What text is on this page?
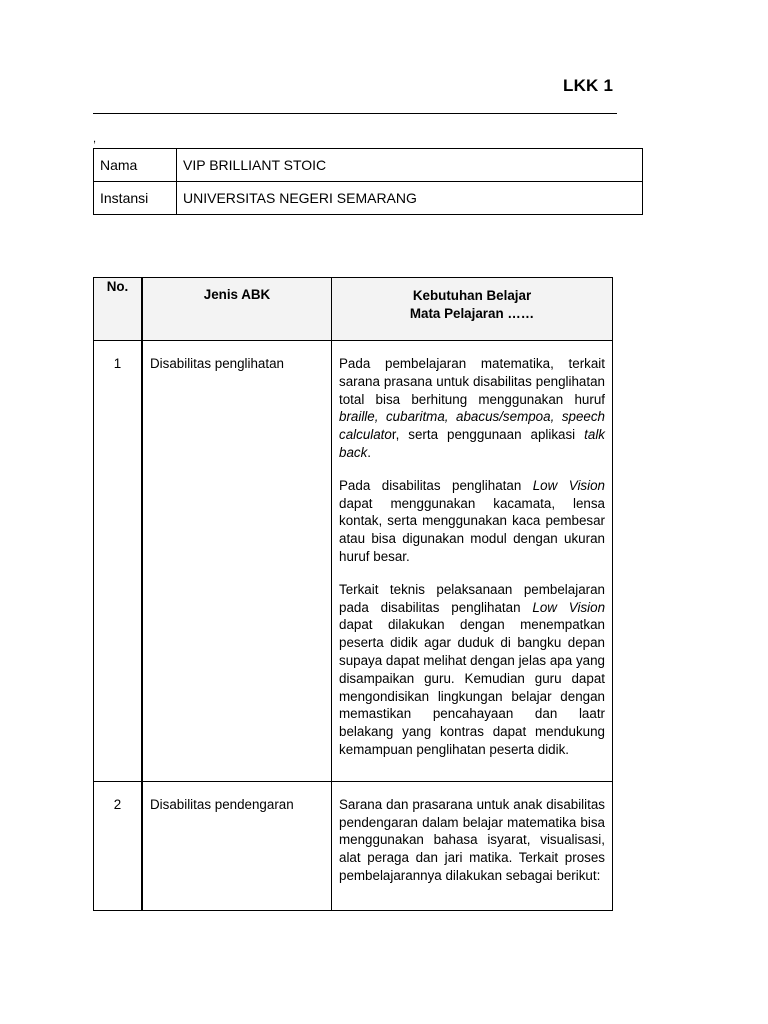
LKK 1
,
Nama	VIP BRILLIANT STOIC
Instansi	UNIVERSITAS NEGERI SEMARANG
No.	Jenis ABK	Kebutuhan Belajar
Mata Pelajaran ……

1	Disabilitas penglihatan	Pada pembelajaran matematika, terkait sarana prasana untuk disabilitas penglihatan total bisa berhitung menggunakan huruf braille, cubaritma, abacus/sempoa, speech calculator, serta penggunaan aplikasi talk back.

Pada disabilitas penglihatan Low Vision dapat menggunakan kacamata, lensa kontak, serta menggunakan kaca pembesar atau bisa digunakan modul dengan ukuran huruf besar.

Terkait teknis pelaksanaan pembelajaran pada disabilitas penglihatan Low Vision dapat dilakukan dengan menempatkan peserta didik agar duduk di bangku depan supaya dapat melihat dengan jelas apa yang disampaikan guru. Kemudian guru dapat mengondisikan lingkungan belajar dengan memastikan pencahayaan dan laatr belakang yang kontras dapat mendukung kemampuan penglihatan peserta didik.

2	Disabilitas pendengaran	Sarana dan prasarana untuk anak disabilitas pendengaran dalam belajar matematika bisa menggunakan bahasa isyarat, visualisasi, alat peraga dan jari matika. Terkait proses pembelajarannya dilakukan sebagai berikut:
